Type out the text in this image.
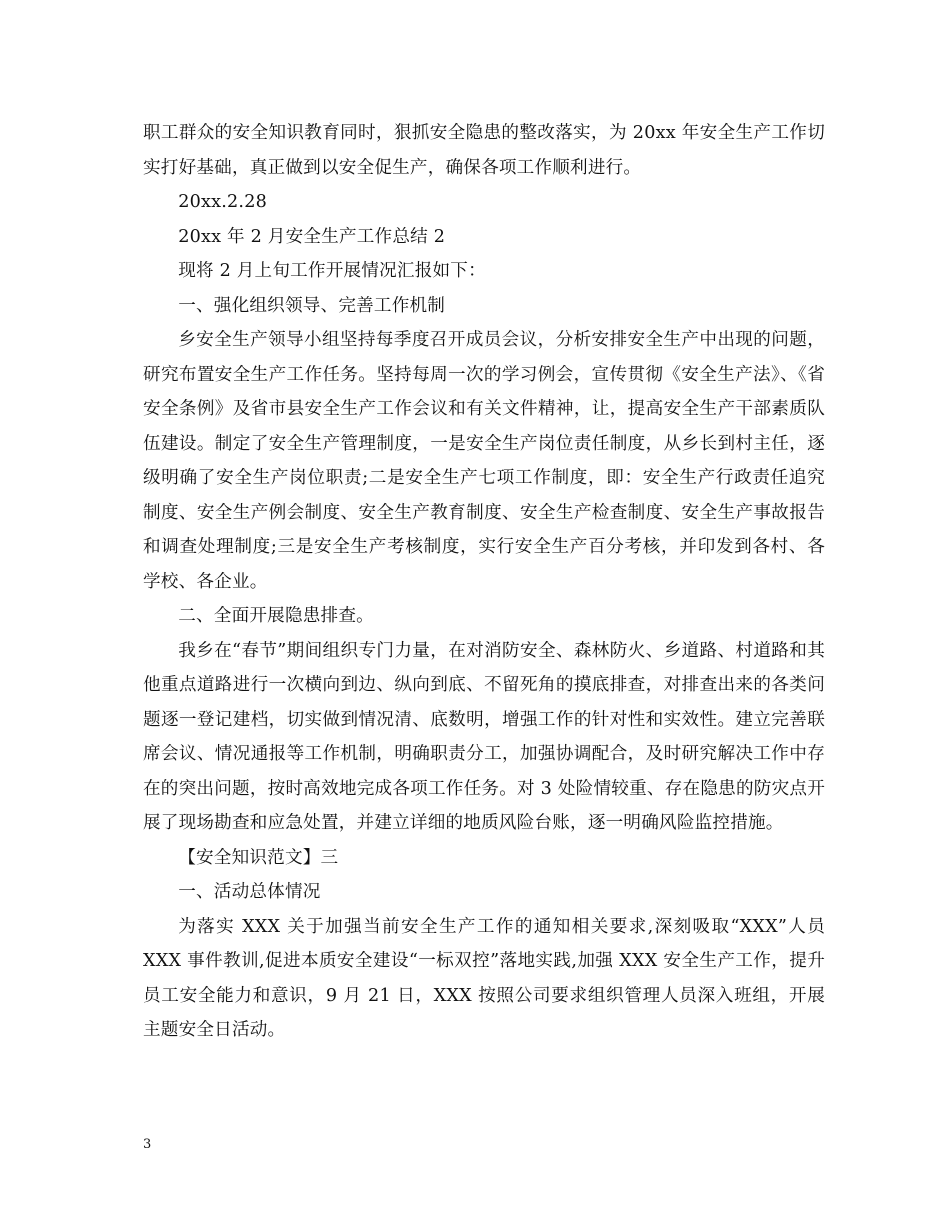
职工群众的安全知识教育同时，狠抓安全隐患的整改落实，为 20xx 年安全生产工作切实打好基础，真正做到以安全促生产，确保各项工作顺利进行。

20xx.2.28

20xx 年 2 月安全生产工作总结 2

现将 2 月上旬工作开展情况汇报如下：

一、强化组织领导、完善工作机制

乡安全生产领导小组坚持每季度召开成员会议，分析安排安全生产中出现的问题，研究布置安全生产工作任务。坚持每周一次的学习例会，宣传贯彻《安全生产法》、《省安全条例》及省市县安全生产工作会议和有关文件精神，让，提高安全生产干部素质队伍建设。制定了安全生产管理制度，一是安全生产岗位责任制度，从乡长到村主任，逐级明确了安全生产岗位职责;二是安全生产七项工作制度，即：安全生产行政责任追究制度、安全生产例会制度、安全生产教育制度、安全生产检查制度、安全生产事故报告和调查处理制度;三是安全生产考核制度，实行安全生产百分考核，并印发到各村、各学校、各企业。

二、全面开展隐患排查。

我乡在“春节”期间组织专门力量，在对消防安全、森林防火、乡道路、村道路和其他重点道路进行一次横向到边、纵向到底、不留死角的摸底排查，对排查出来的各类问题逐一登记建档，切实做到情况清、底数明，增强工作的针对性和实效性。建立完善联席会议、情况通报等工作机制，明确职责分工，加强协调配合，及时研究解决工作中存在的突出问题，按时高效地完成各项工作任务。对 3 处险情较重、存在隐患的防灾点开展了现场勘查和应急处置，并建立详细的地质风险台账，逐一明确风险监控措施。

【安全知识范文】三

一、活动总体情况

为落实 XXX 关于加强当前安全生产工作的通知相关要求,深刻吸取“XXX”人员 XXX 事件教训,促进本质安全建设“一标双控”落地实践,加强 XXX 安全生产工作，提升员工安全能力和意识，9 月 21 日，XXX 按照公司要求组织管理人员深入班组，开展主题安全日活动。

3
